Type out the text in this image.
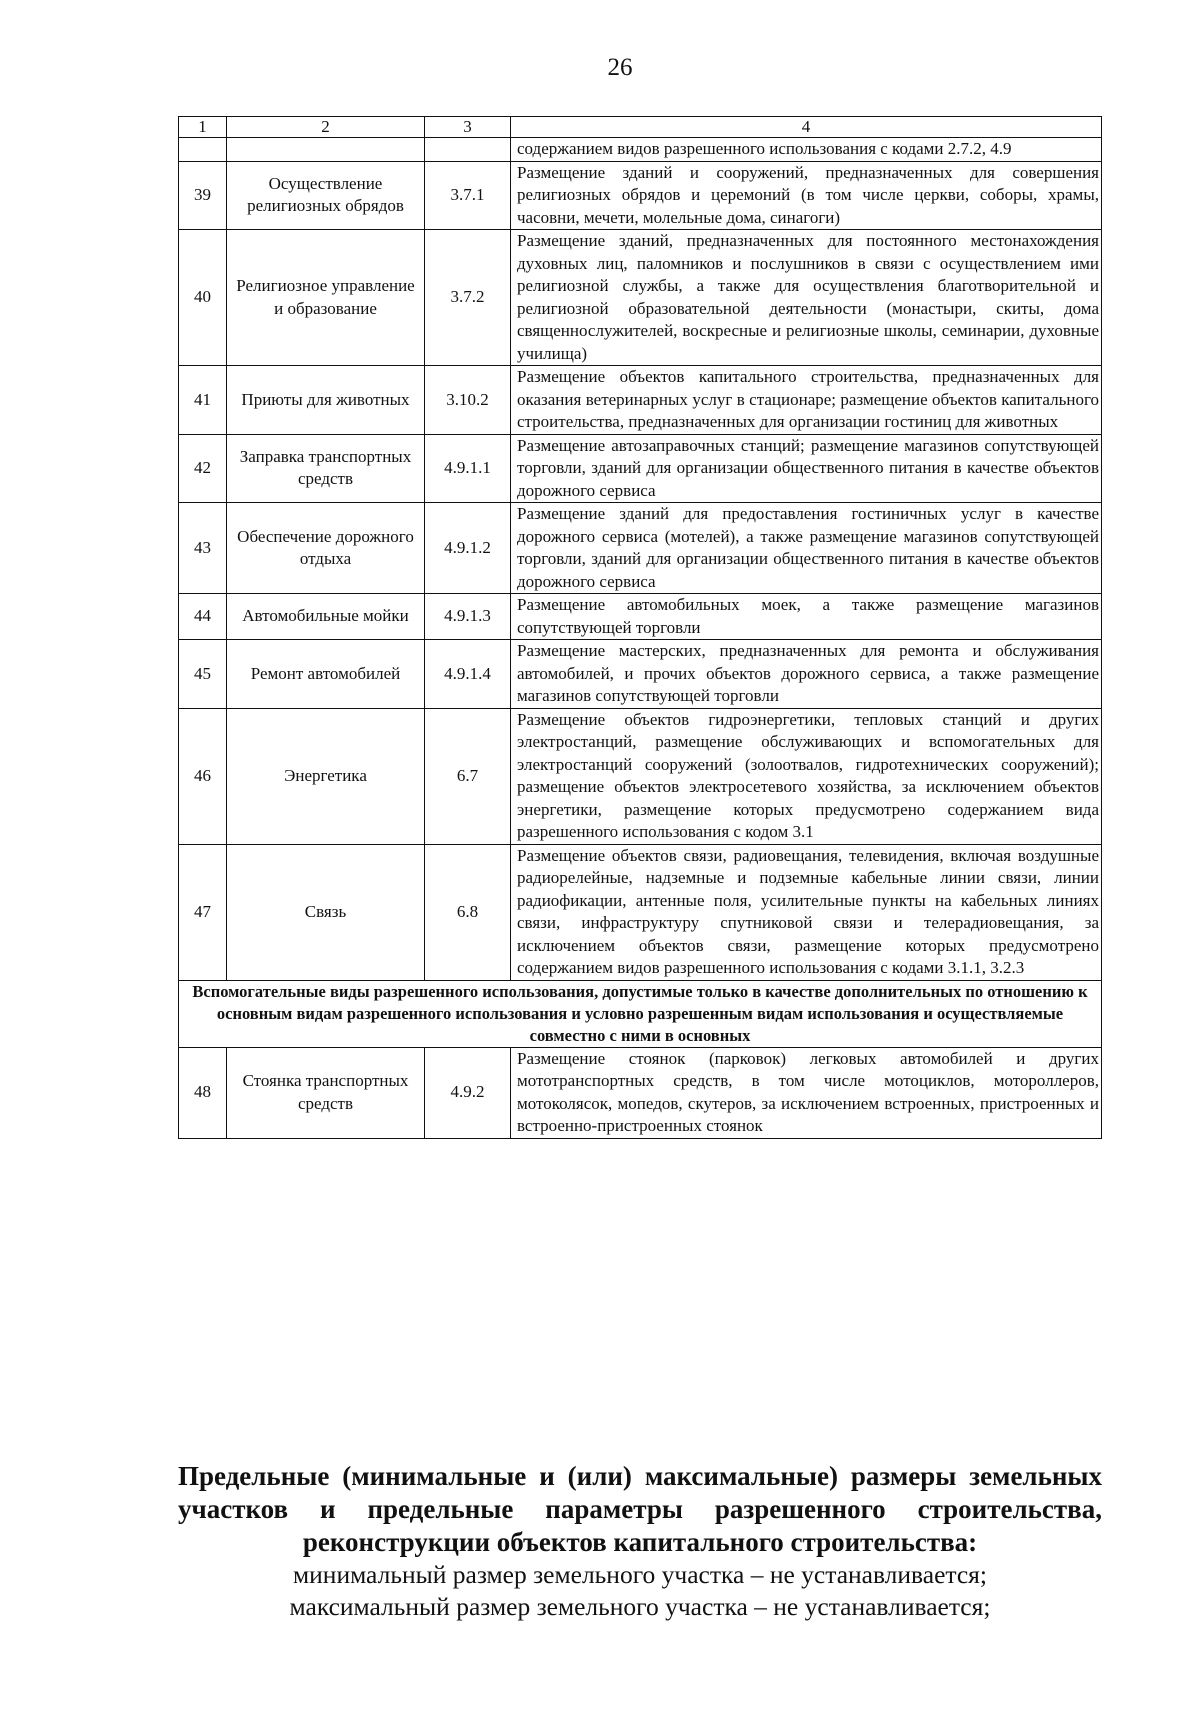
26
1	2	3	4
			содержанием видов разрешенного использования с кодами 2.7.2, 4.9
39	Осуществление религиозных обрядов	3.7.1	Размещение зданий и сооружений, предназначенных для совершения религиозных обрядов и церемоний (в том числе церкви, соборы, храмы, часовни, мечети, молельные дома, синагоги)
40	Религиозное управление и образование	3.7.2	Размещение зданий, предназначенных для постоянного местонахождения духовных лиц, паломников и послушников в связи с осуществлением ими религиозной службы, а также для осуществления благотворительной и религиозной образовательной деятельности (монастыри, скиты, дома священнослужителей, воскресные и религиозные школы, семинарии, духовные училища)
41	Приюты для животных	3.10.2	Размещение объектов капитального строительства, предназначенных для оказания ветеринарных услуг в стационаре; размещение объектов капитального строительства, предназначенных для организации гостиниц для животных
42	Заправка транспортных средств	4.9.1.1	Размещение автозаправочных станций; размещение магазинов сопутствующей торговли, зданий для организации общественного питания в качестве объектов дорожного сервиса
43	Обеспечение дорожного отдыха	4.9.1.2	Размещение зданий для предоставления гостиничных услуг в качестве дорожного сервиса (мотелей), а также размещение магазинов сопутствующей торговли, зданий для организации общественного питания в качестве объектов дорожного сервиса
44	Автомобильные мойки	4.9.1.3	Размещение автомобильных моек, а также размещение магазинов сопутствующей торговли
45	Ремонт автомобилей	4.9.1.4	Размещение мастерских, предназначенных для ремонта и обслуживания автомобилей, и прочих объектов дорожного сервиса, а также размещение магазинов сопутствующей торговли
46	Энергетика	6.7	Размещение объектов гидроэнергетики, тепловых станций и других электростанций, размещение обслуживающих и вспомогательных для электростанций сооружений (золоотвалов, гидротехнических сооружений); размещение объектов электросетевого хозяйства, за исключением объектов энергетики, размещение которых предусмотрено содержанием вида разрешенного использования с кодом 3.1
47	Связь	6.8	Размещение объектов связи, радиовещания, телевидения, включая воздушные радиорелейные, надземные и подземные кабельные линии связи, линии радиофикации, антенные поля, усилительные пункты на кабельных линиях связи, инфраструктуру спутниковой связи и телерадиовещания, за исключением объектов связи, размещение которых предусмотрено содержанием видов разрешенного использования с кодами 3.1.1, 3.2.3
Вспомогательные виды разрешенного использования, допустимые только в качестве дополнительных по отношению к основным видам разрешенного использования и условно разрешенным видам использования и осуществляемые совместно с ними в основных			
48	Стоянка транспортных средств	4.9.2	Размещение стоянок (парковок) легковых автомобилей и других мототранспортных средств, в том числе мотоциклов, мотороллеров, мотоколясок, мопедов, скутеров, за исключением встроенных, пристроенных и встроенно-пристроенных стоянок
Предельные (минимальные и (или) максимальные) размеры земельных участков и предельные параметры разрешенного строительства, реконструкции объектов капитального строительства:
минимальный размер земельного участка – не устанавливается;
максимальный размер земельного участка – не устанавливается;
